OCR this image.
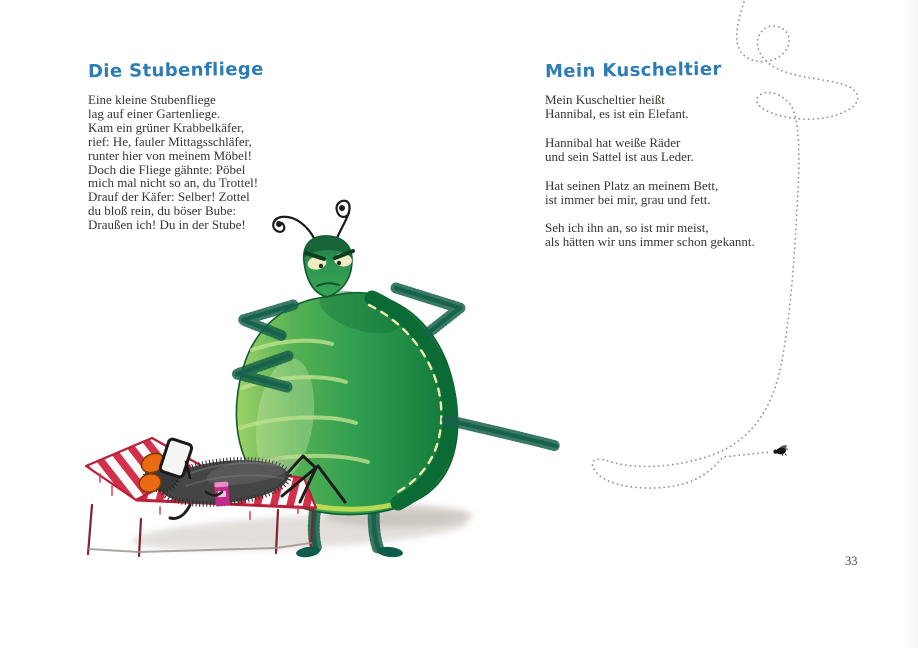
Die Stubenfliege
Eine kleine Stubenfliege
lag auf einer Gartenliege.
Kam ein grüner Krabbelkäfer,
rief: He, fauler Mittagsschläfer,
runter hier von meinem Möbel!
Doch die Fliege gähnte: Pöbel
mich mal nicht so an, du Trottel!
Drauf der Käfer: Selber! Zottel
du bloß rein, du böser Bube:
Draußen ich! Du in der Stube!
Mein Kuscheltier
Mein Kuscheltier heißt
Hannibal, es ist ein Elefant.
Hannibal hat weiße Räder
und sein Sattel ist aus Leder.
Hat seinen Platz an meinem Bett,
ist immer bei mir, grau und fett.
Seh ich ihn an, so ist mir meist,
als hätten wir uns immer schon gekannt.
33
